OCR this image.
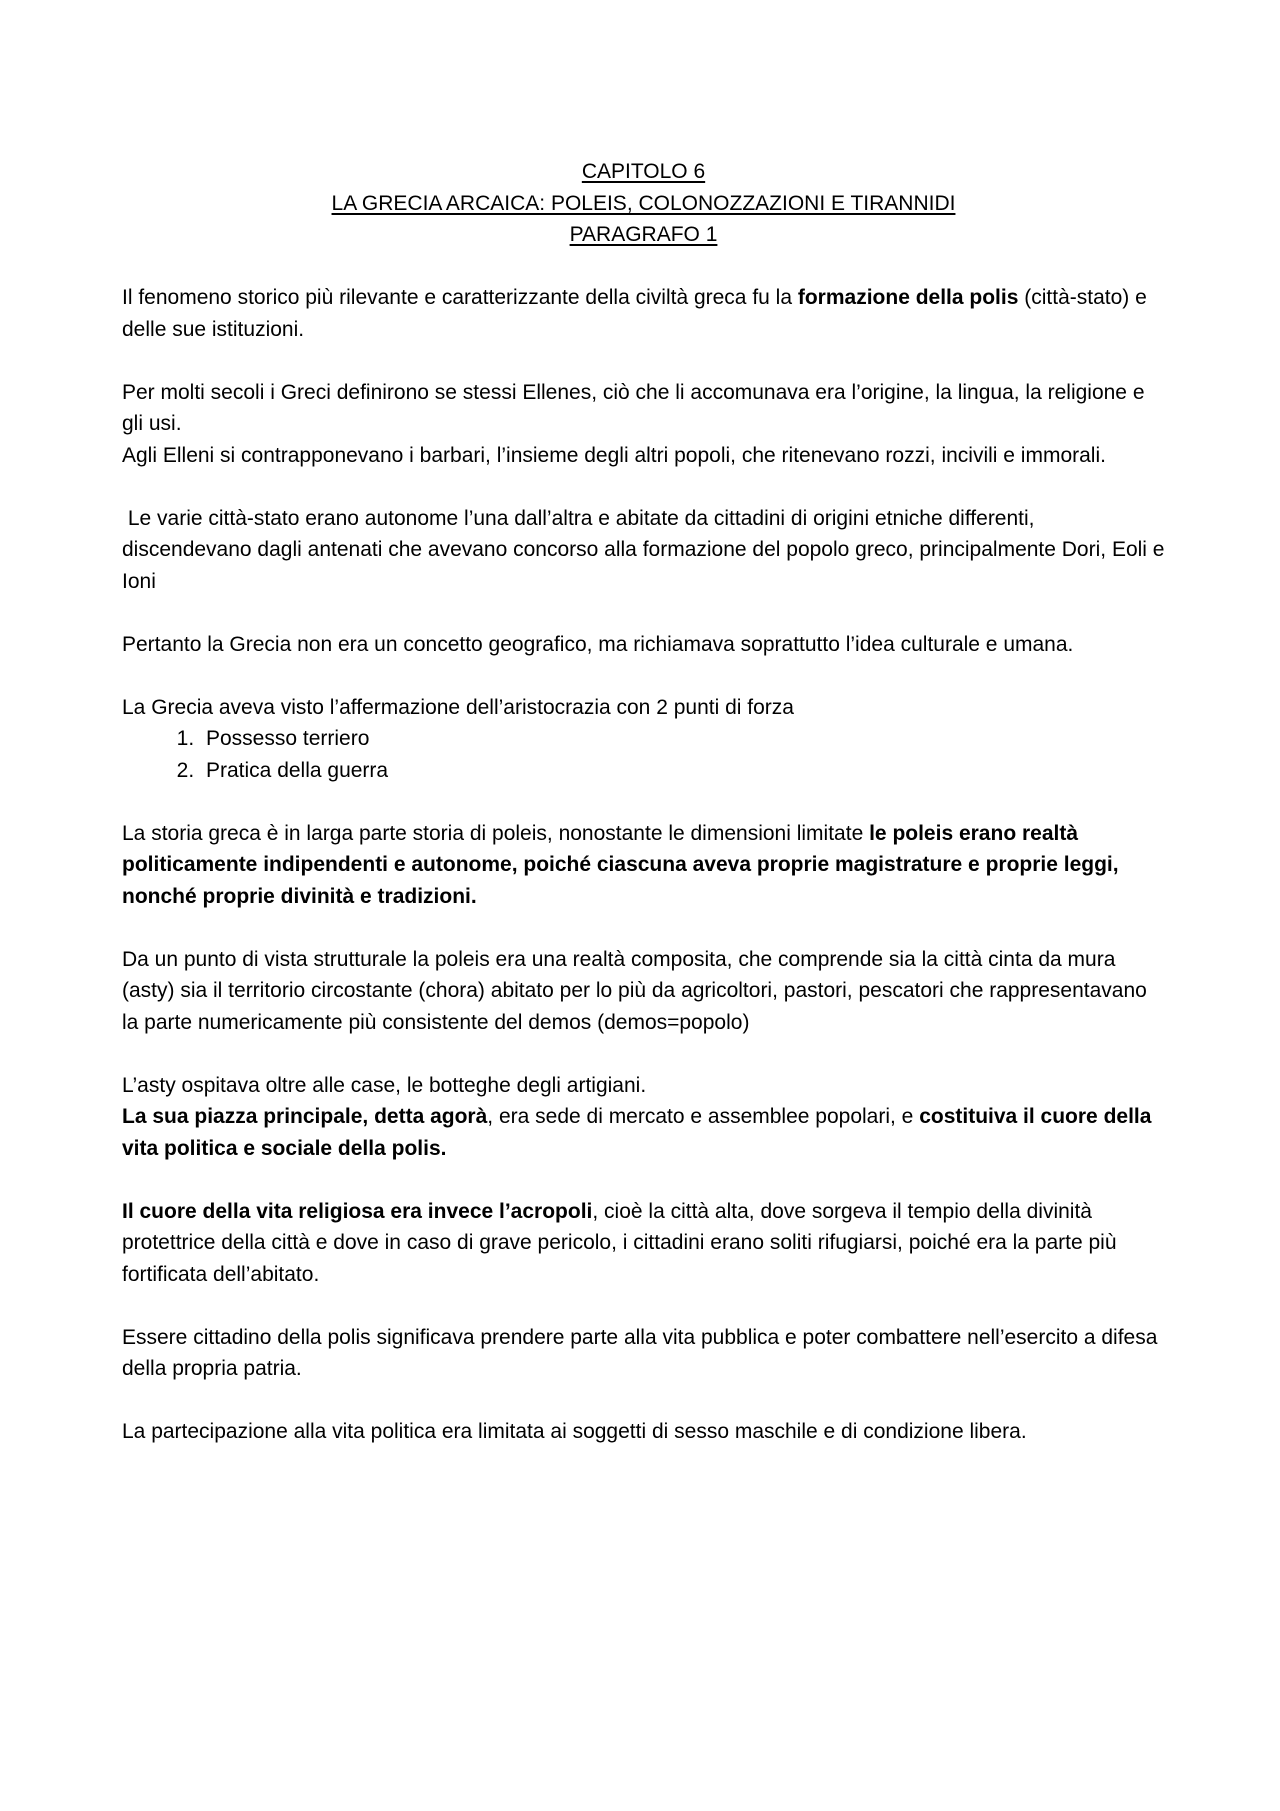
CAPITOLO 6

LA GRECIA ARCAICA: POLEIS, COLONOZZAZIONI E TIRANNIDI

PARAGRAFO 1

Il fenomeno storico più rilevante e caratterizzante della civiltà greca fu la formazione della polis (città-stato) e delle sue istituzioni.

Per molti secoli i Greci definirono se stessi Ellenes, ciò che li accomunava era l’origine, la lingua, la religione e gli usi.

Agli Elleni si contrapponevano i barbari, l’insieme degli altri popoli, che ritenevano rozzi, incivili e immorali.

Le varie città-stato erano autonome l’una dall’altra e abitate da cittadini di origini etniche differenti, discendevano dagli antenati che avevano concorso alla formazione del popolo greco, principalmente Dori, Eoli e Ioni

Pertanto la Grecia non era un concetto geografico, ma richiamava soprattutto l’idea culturale e umana.

La Grecia aveva visto l’affermazione dell’aristocrazia con 2 punti di forza

1. Possesso terriero
2. Pratica della guerra

La storia greca è in larga parte storia di poleis, nonostante le dimensioni limitate le poleis erano realtà politicamente indipendenti e autonome, poiché ciascuna aveva proprie magistrature e proprie leggi, nonché proprie divinità e tradizioni.

Da un punto di vista strutturale la poleis era una realtà composita, che comprende sia la città cinta da mura (asty) sia il territorio circostante (chora) abitato per lo più da agricoltori, pastori, pescatori che rappresentavano la parte numericamente più consistente del demos (demos=popolo)

L’asty ospitava oltre alle case, le botteghe degli artigiani.

La sua piazza principale, detta agorà, era sede di mercato e assemblee popolari, e costituiva il cuore della vita politica e sociale della polis.

Il cuore della vita religiosa era invece l’acropoli, cioè la città alta, dove sorgeva il tempio della divinità protettrice della città e dove in caso di grave pericolo, i cittadini erano soliti rifugiarsi, poiché era la parte più fortificata dell’abitato.

Essere cittadino della polis significava prendere parte alla vita pubblica e poter combattere nell’esercito a difesa della propria patria.

La partecipazione alla vita politica era limitata ai soggetti di sesso maschile e di condizione libera.
